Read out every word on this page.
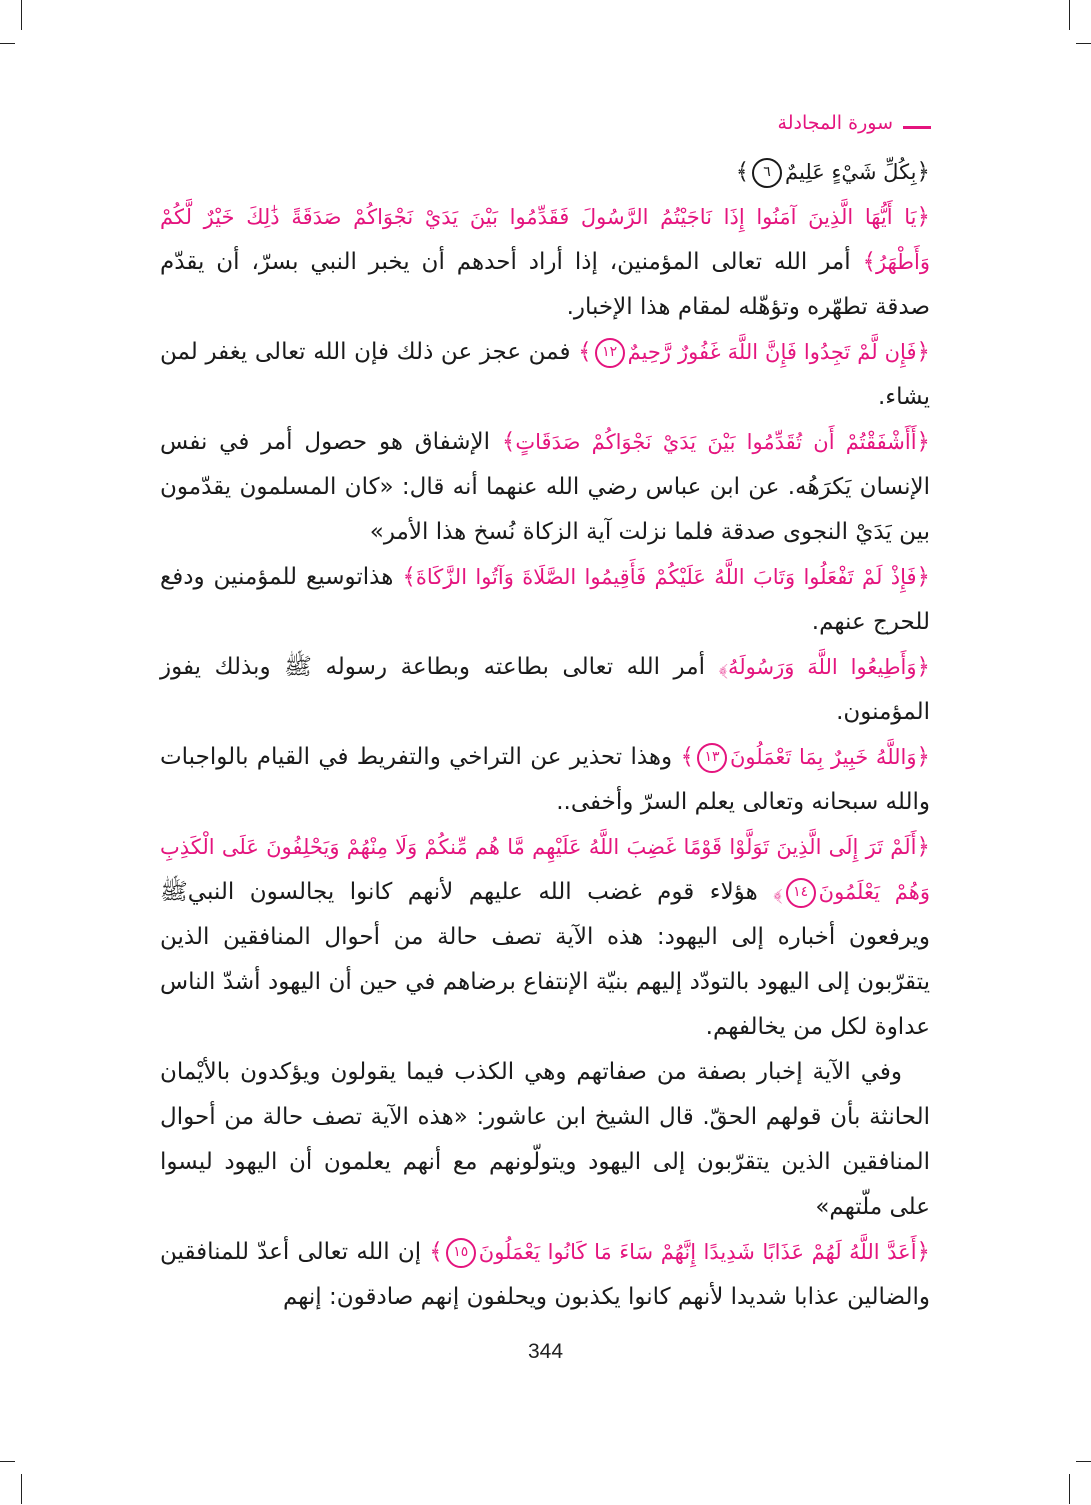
سورة المجادلة

﴿بِكُلِّ شَيْءٍ عَلِيمٌ٦﴾

﴿يَا أَيُّهَا الَّذِينَ آمَنُوا إِذَا نَاجَيْتُمُ الرَّسُولَ فَقَدِّمُوا بَيْنَ يَدَيْ نَجْوَاكُمْ صَدَقَةً ذَٰلِكَ خَيْرٌ لَّكُمْ وَأَطْهَرُ﴾ أمر الله تعالى المؤمنين، إذا أراد أحدهم أن يخبر النبي بسرّ، أن يقدّم صدقة تطهّره وتؤهّله لمقام هذا الإخبار.

﴿فَإِن لَّمْ تَجِدُوا فَإِنَّ اللَّهَ غَفُورٌ رَّحِيمٌ١٢﴾ فمن عجز عن ذلك فإن الله تعالى يغفر لمن يشاء.

﴿أَأَشْفَقْتُمْ أَن تُقَدِّمُوا بَيْنَ يَدَيْ نَجْوَاكُمْ صَدَقَاتٍ﴾ الإشفاق هو حصول أمر في نفس الإنسان يَكرَهُه. عن ابن عباس رضي الله عنهما أنه قال: «كان المسلمون يقدّمون بين يَدَيْ النجوى صدقة فلما نزلت آية الزكاة نُسخ هذا الأمر»

﴿فَإِذْ لَمْ تَفْعَلُوا وَتَابَ اللَّهُ عَلَيْكُمْ فَأَقِيمُوا الصَّلَاةَ وَآتُوا الزَّكَاةَ﴾ هذاتوسيع للمؤمنين ودفع للحرج عنهم.

﴿وَأَطِيعُوا اللَّهَ وَرَسُولَهُ﴾ أمر الله تعالى بطاعته وبطاعة رسوله ﷺ وبذلك يفوز المؤمنون.

﴿وَاللَّهُ خَبِيرٌ بِمَا تَعْمَلُونَ١٣﴾ وهذا تحذير عن التراخي والتفريط في القيام بالواجبات والله سبحانه وتعالى يعلم السرّ وأخفى..

﴿أَلَمْ تَرَ إِلَى الَّذِينَ تَوَلَّوْا قَوْمًا غَضِبَ اللَّهُ عَلَيْهِم مَّا هُم مِّنكُمْ وَلَا مِنْهُمْ وَيَحْلِفُونَ عَلَى الْكَذِبِ وَهُمْ يَعْلَمُونَ١٤﴾ هؤلاء قوم غضب الله عليهم لأنهم كانوا يجالسون النبيﷺ ويرفعون أخباره إلى اليهود: هذه الآية تصف حالة من أحوال المنافقين الذين يتقرّبون إلى اليهود بالتودّد إليهم بنيّة الإنتفاع برضاهم في حين أن اليهود أشدّ الناس عداوة لكل من يخالفهم.

وفي الآية إخبار بصفة من صفاتهم وهي الكذب فيما يقولون ويؤكدون بالأيْمان الحانثة بأن قولهم الحقّ. قال الشيخ ابن عاشور: «هذه الآية تصف حالة من أحوال المنافقين الذين يتقرّبون إلى اليهود ويتولّونهم مع أنهم يعلمون أن اليهود ليسوا على ملّتهم»

﴿أَعَدَّ اللَّهُ لَهُمْ عَذَابًا شَدِيدًا إِنَّهُمْ سَاءَ مَا كَانُوا يَعْمَلُونَ١٥﴾ إن الله تعالى أعدّ للمنافقين والضالين عذابا شديدا لأنهم كانوا يكذبون ويحلفون إنهم صادقون: إنهم

344
